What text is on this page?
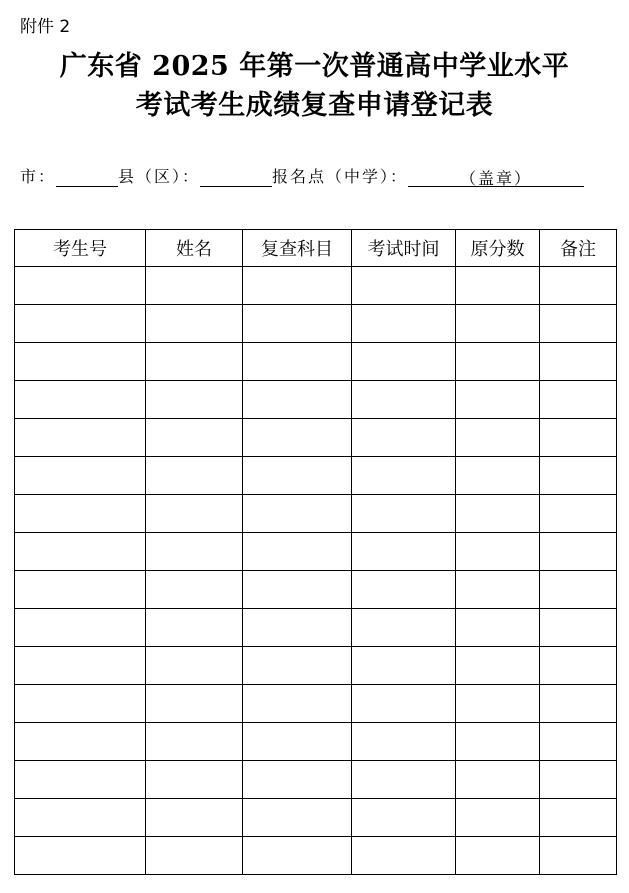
附件 2
广东省 2025 年第一次普通高中学业水平
考试考生成绩复查申请登记表
市：	县（区）：	报名点（中学）：	（盖章）
考生号	姓名	复查科目	考试时间	原分数	备注
